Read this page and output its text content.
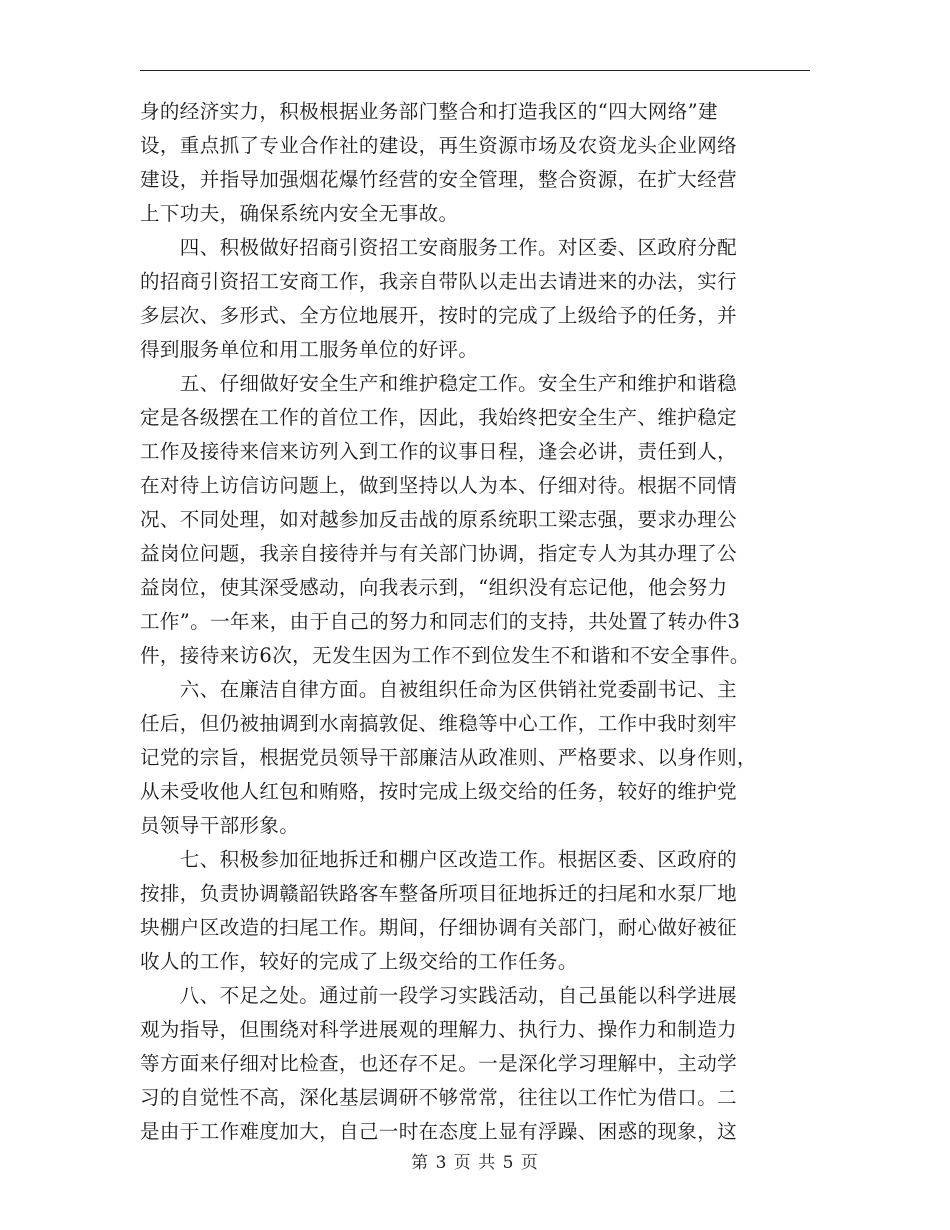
身的经济实力，积极根据业务部门整合和打造我区的“四大网络”建
设，重点抓了专业合作社的建设，再生资源市场及农资龙头企业网络
建设，并指导加强烟花爆竹经营的安全管理，整合资源，在扩大经营
上下功夫，确保系统内安全无事故。
　　四、积极做好招商引资招工安商服务工作。对区委、区政府分配
的招商引资招工安商工作，我亲自带队以走出去请进来的办法，实行
多层次、多形式、全方位地展开，按时的完成了上级给予的任务，并
得到服务单位和用工服务单位的好评。
　　五、仔细做好安全生产和维护稳定工作。安全生产和维护和谐稳
定是各级摆在工作的首位工作，因此，我始终把安全生产、维护稳定
工作及接待来信来访列入到工作的议事日程，逢会必讲，责任到人，
在对待上访信访问题上，做到坚持以人为本、仔细对待。根据不同情
况、不同处理，如对越参加反击战的原系统职工梁志强，要求办理公
益岗位问题，我亲自接待并与有关部门协调，指定专人为其办理了公
益岗位，使其深受感动，向我表示到，“组织没有忘记他，他会努力
工作”。一年来，由于自己的努力和同志们的支持，共处置了转办件3
件，接待来访6次，无发生因为工作不到位发生不和谐和不安全事件。
　　六、在廉洁自律方面。自被组织任命为区供销社党委副书记、主
任后，但仍被抽调到水南搞敦促、维稳等中心工作，工作中我时刻牢
记党的宗旨，根据党员领导干部廉洁从政准则、严格要求、以身作则，
从未受收他人红包和贿赂，按时完成上级交给的任务，较好的维护党
员领导干部形象。
　　七、积极参加征地拆迁和棚户区改造工作。根据区委、区政府的
按排，负责协调赣韶铁路客车整备所项目征地拆迁的扫尾和水泵厂地
块棚户区改造的扫尾工作。期间，仔细协调有关部门，耐心做好被征
收人的工作，较好的完成了上级交给的工作任务。
　　八、不足之处。通过前一段学习实践活动，自己虽能以科学进展
观为指导，但围绕对科学进展观的理解力、执行力、操作力和制造力
等方面来仔细对比检查，也还存不足。一是深化学习理解中，主动学
习的自觉性不高，深化基层调研不够常常，往往以工作忙为借口。二
是由于工作难度加大，自己一时在态度上显有浮躁、困惑的现象，这
第 3 页 共 5 页
